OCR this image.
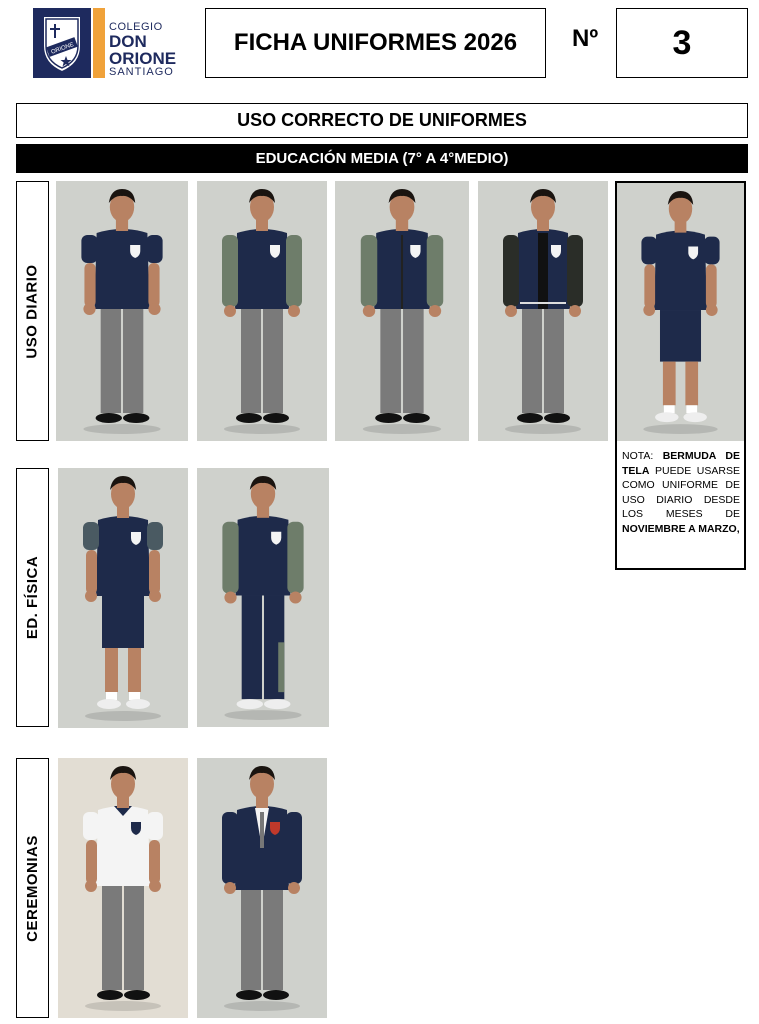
ORIONE
COLEGIO
DON
ORIONE
SANTIAGO
FICHA UNIFORMES 2026	Nº	3
USO CORRECTO DE UNIFORMES
EDUCACIÓN MEDIA (7° A 4°MEDIO)
USO DIARIO
ED. FÍSICA
CEREMONIAS
NOTA: BERMUDA DE TELA PUEDE USARSE COMO UNIFORME DE USO DIARIO DESDE LOS MESES DE NOVIEMBRE A MARZO,
